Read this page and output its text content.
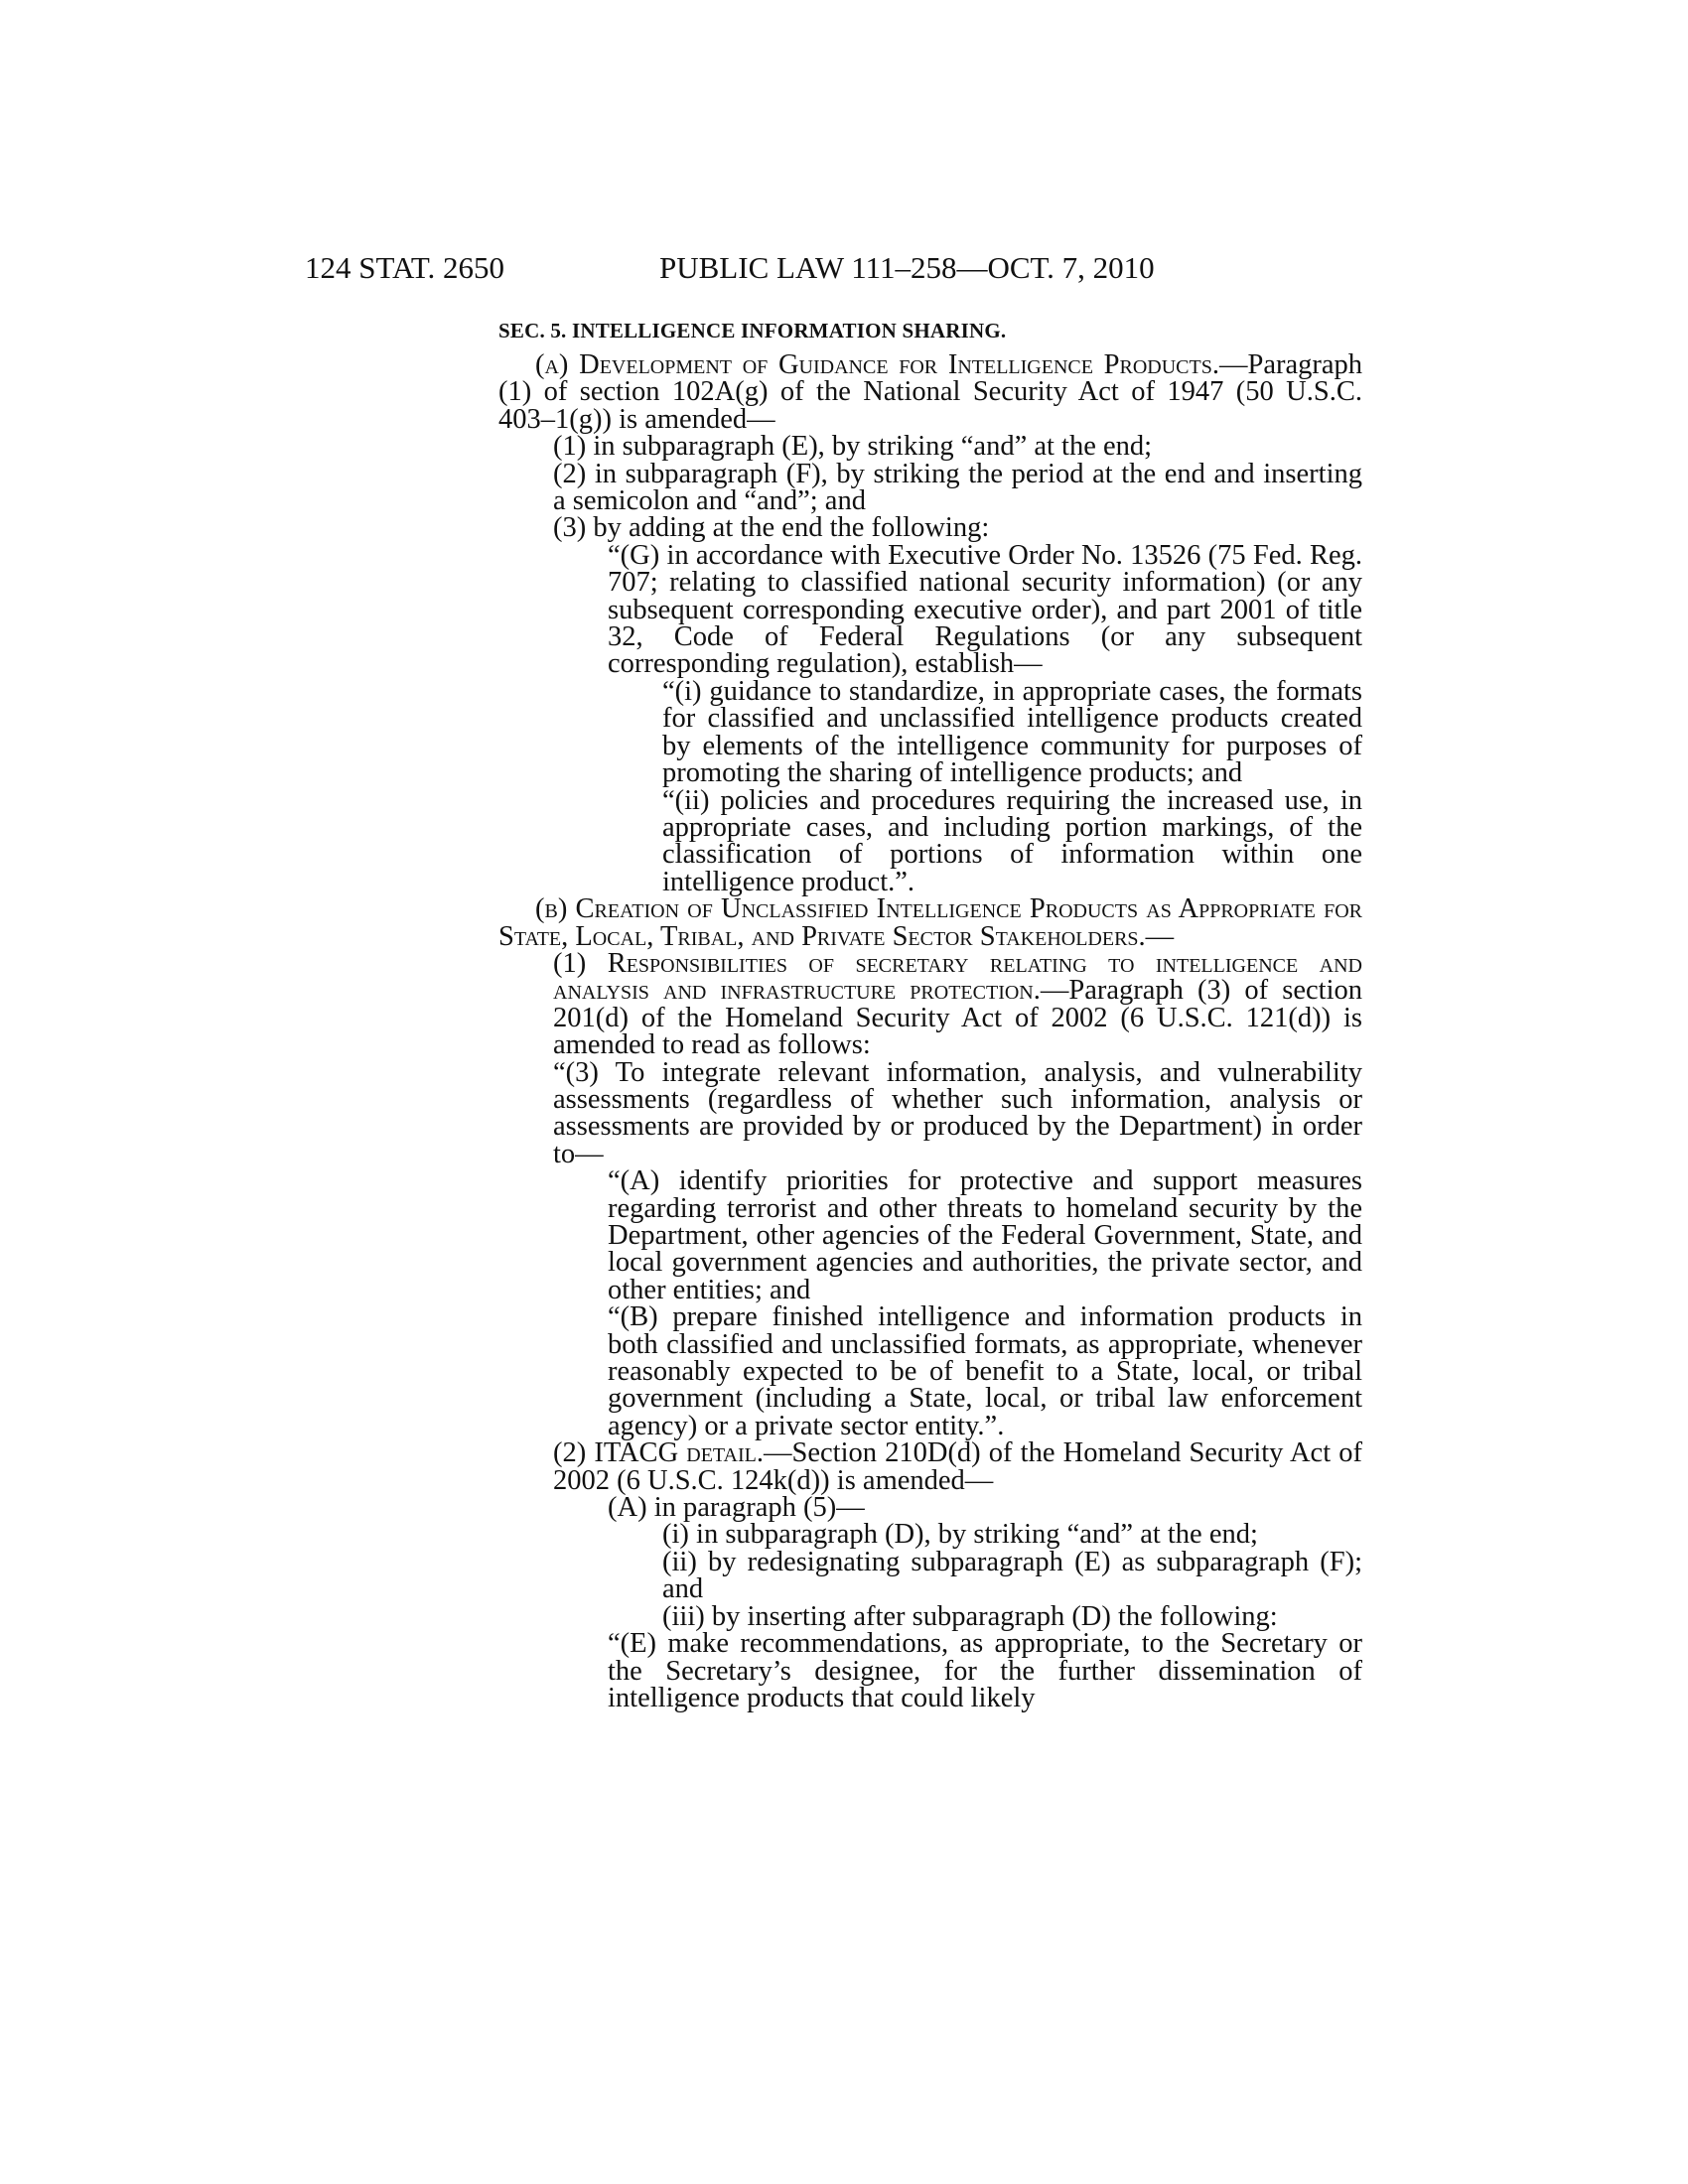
124 STAT. 2650	PUBLIC LAW 111–258—OCT. 7, 2010
SEC. 5. INTELLIGENCE INFORMATION SHARING.

(a) Development of Guidance for Intelligence Products.—Paragraph (1) of section 102A(g) of the National Security Act of 1947 (50 U.S.C. 403–1(g)) is amended—

(1) in subparagraph (E), by striking “and” at the end;

(2) in subparagraph (F), by striking the period at the end and inserting a semicolon and “and”; and

(3) by adding at the end the following:

“(G) in accordance with Executive Order No. 13526 (75 Fed. Reg. 707; relating to classified national security information) (or any subsequent corresponding executive order), and part 2001 of title 32, Code of Federal Regulations (or any subsequent corresponding regulation), establish—

“(i) guidance to standardize, in appropriate cases, the formats for classified and unclassified intelligence products created by elements of the intelligence community for purposes of promoting the sharing of intelligence products; and

“(ii) policies and procedures requiring the increased use, in appropriate cases, and including portion markings, of the classification of portions of information within one intelligence product.”.

(b) Creation of Unclassified Intelligence Products as Appropriate for State, Local, Tribal, and Private Sector Stakeholders.—

(1) Responsibilities of secretary relating to intelligence and analysis and infrastructure protection.—Paragraph (3) of section 201(d) of the Homeland Security Act of 2002 (6 U.S.C. 121(d)) is amended to read as follows:

“(3) To integrate relevant information, analysis, and vulnerability assessments (regardless of whether such information, analysis or assessments are provided by or produced by the Department) in order to—

“(A) identify priorities for protective and support measures regarding terrorist and other threats to homeland security by the Department, other agencies of the Federal Government, State, and local government agencies and authorities, the private sector, and other entities; and

“(B) prepare finished intelligence and information products in both classified and unclassified formats, as appropriate, whenever reasonably expected to be of benefit to a State, local, or tribal government (including a State, local, or tribal law enforcement agency) or a private sector entity.”.

(2) ITACG detail.—Section 210D(d) of the Homeland Security Act of 2002 (6 U.S.C. 124k(d)) is amended—

(A) in paragraph (5)—

(i) in subparagraph (D), by striking “and” at the end;

(ii) by redesignating subparagraph (E) as subparagraph (F); and

(iii) by inserting after subparagraph (D) the following:

“(E) make recommendations, as appropriate, to the Secretary or the Secretary’s designee, for the further dissemination of intelligence products that could likely
